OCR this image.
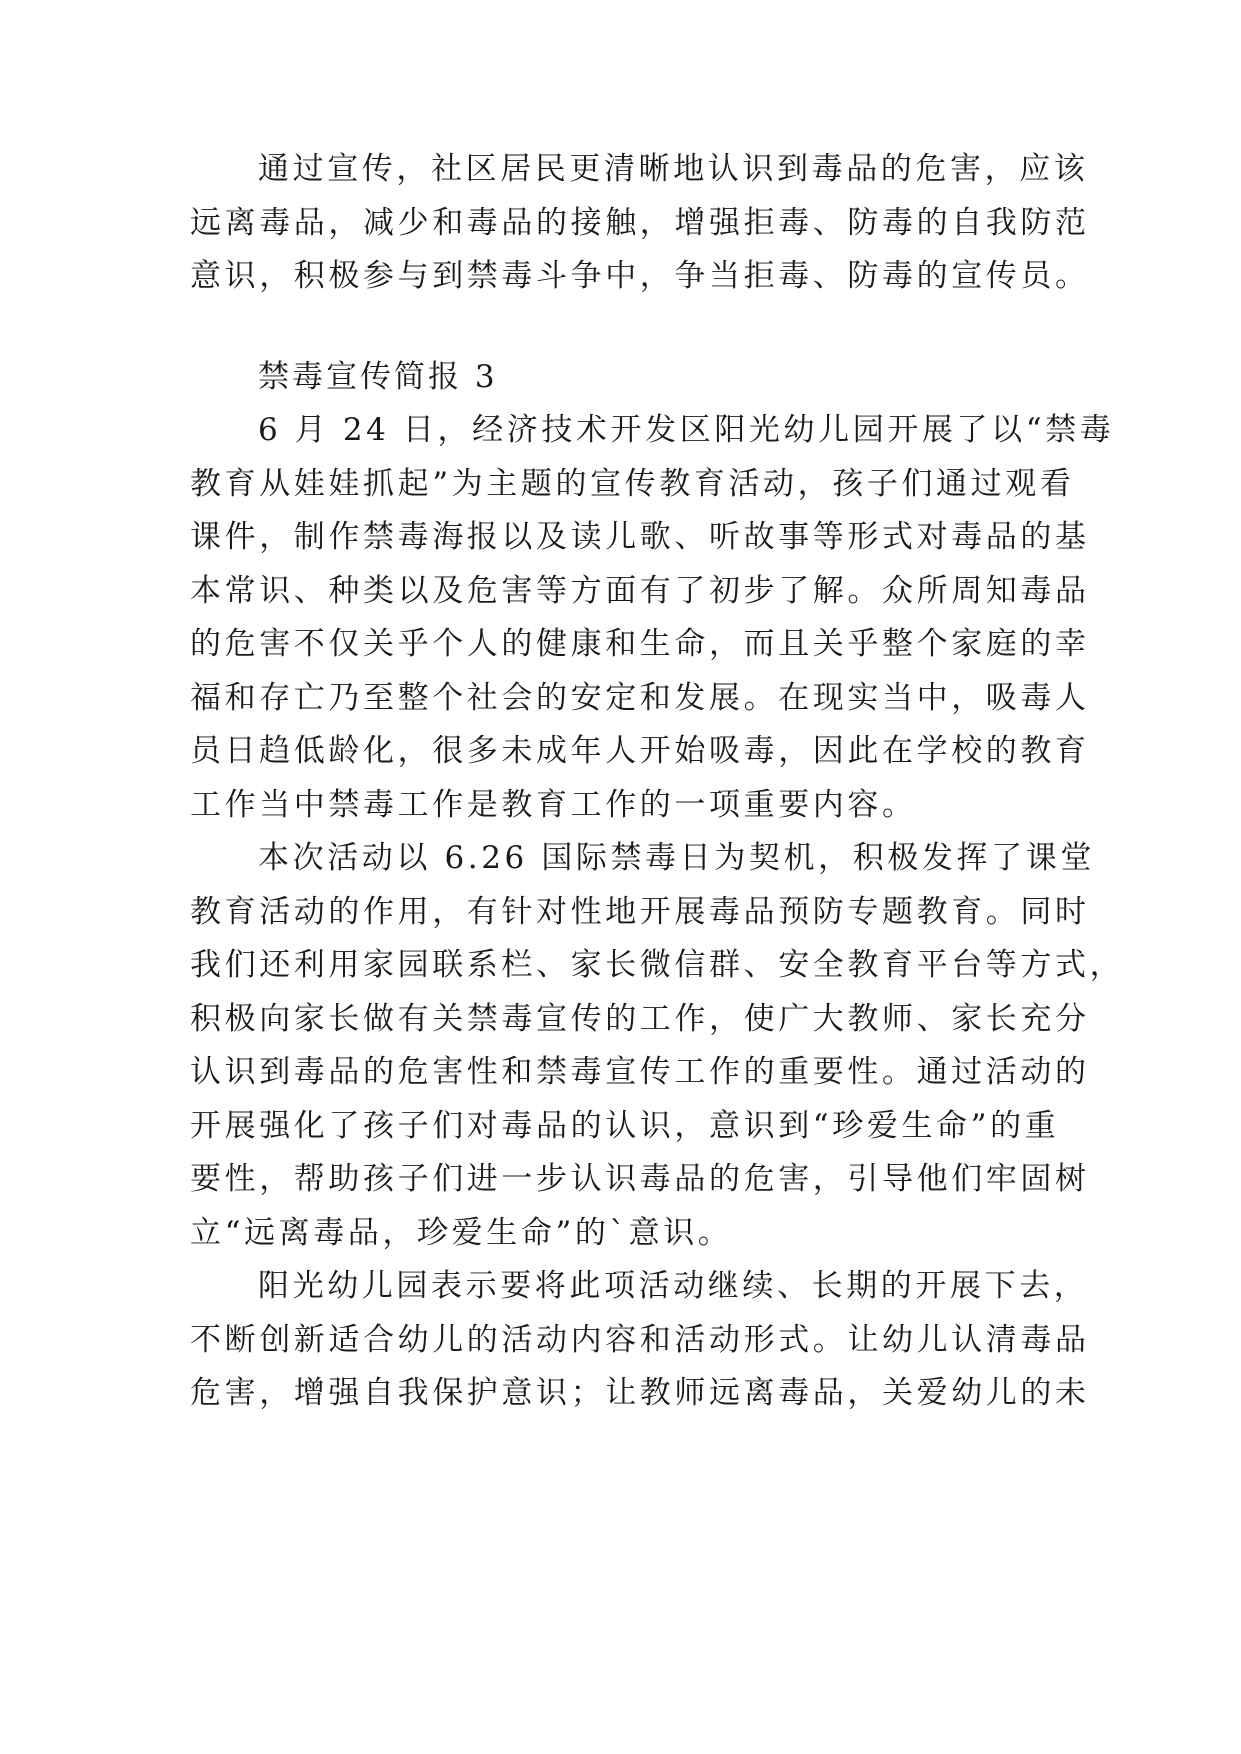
通过宣传，社区居民更清晰地认识到毒品的危害，应该

远离毒品，减少和毒品的接触，增强拒毒、防毒的自我防范

意识，积极参与到禁毒斗争中，争当拒毒、防毒的宣传员。

禁毒宣传简报 3

6 月 24 日，经济技术开发区阳光幼儿园开展了以“禁毒

教育从娃娃抓起”为主题的宣传教育活动，孩子们通过观看

课件，制作禁毒海报以及读儿歌、听故事等形式对毒品的基

本常识、种类以及危害等方面有了初步了解。众所周知毒品

的危害不仅关乎个人的健康和生命，而且关乎整个家庭的幸

福和存亡乃至整个社会的安定和发展。在现实当中，吸毒人

员日趋低龄化，很多未成年人开始吸毒，因此在学校的教育

工作当中禁毒工作是教育工作的一项重要内容。

本次活动以 6.26 国际禁毒日为契机，积极发挥了课堂

教育活动的作用，有针对性地开展毒品预防专题教育。同时

我们还利用家园联系栏、家长微信群、安全教育平台等方式，

积极向家长做有关禁毒宣传的工作，使广大教师、家长充分

认识到毒品的危害性和禁毒宣传工作的重要性。通过活动的

开展强化了孩子们对毒品的认识，意识到“珍爱生命”的重

要性，帮助孩子们进一步认识毒品的危害，引导他们牢固树

立“远离毒品，珍爱生命”的`意识。

阳光幼儿园表示要将此项活动继续、长期的开展下去，

不断创新适合幼儿的活动内容和活动形式。让幼儿认清毒品

危害，增强自我保护意识；让教师远离毒品，关爱幼儿的未
